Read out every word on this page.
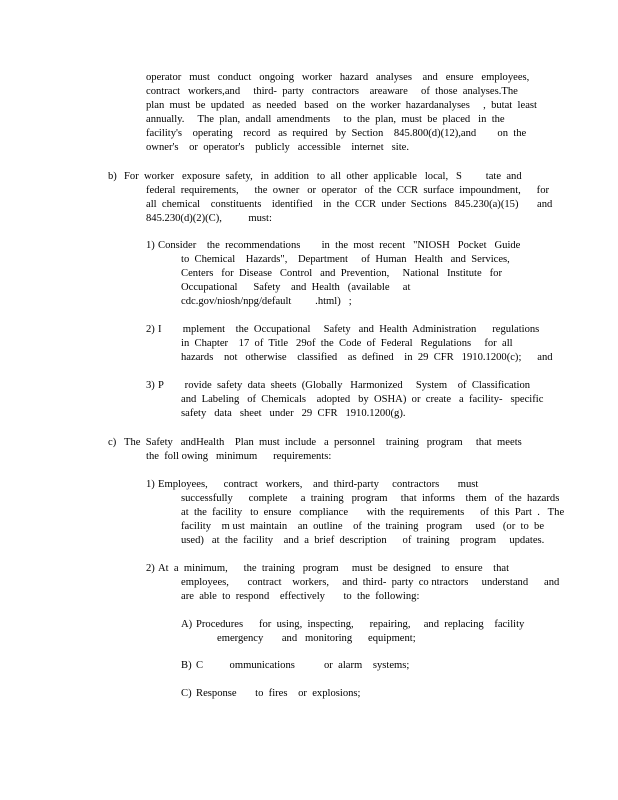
operator   must   conduct   ongoing   worker   hazard   analyses    and   ensure   employees,
contract   workers,and     third-  party   contractors    areaware     of  those  analyses.The
plan  must  be  updated   as  needed   based   on  the  worker  hazardanalyses     ,  butat  least
annually.     The  plan,  andall  amendments     to  the  plan,  must  be  placed   in  the
facility's    operating    record   as  required   by  Section    845.800(d)(12),and        on  the
owner's    or  operator's    publicly   accessible    internet   site.
b) For  worker   exposure  safety,   in  addition   to  all  other  applicable   local,   S         tate  and
federal  requirements,      the  owner   or  operator   of  the  CCR  surface  impoundment,      for
all  chemical    constituents    identified    in  the  CCR  under  Sections   845.230(a)(15)       and
845.230(d)(2)(C),          must:
1) Consider    the  recommendations        in  the  most  recent   "NIOSH   Pocket   Guide
to  Chemical    Hazards",    Department     of  Human   Health   and  Services,
Centers   for  Disease   Control   and  Prevention,     National   Institute   for
Occupational      Safety    and  Health   (available     at
cdc.gov/niosh/npg/default         .html)   ;
2) I        mplement    the  Occupational     Safety   and  Health  Administration      regulations
in  Chapter    17  of  Title   29of  the  Code  of  Federal   Regulations     for  all
hazards    not   otherwise    classified    as  defined    in  29  CFR   1910.1200(c);      and
3) P        rovide  safety  data  sheets  (Globally   Harmonized     System    of  Classification
and  Labeling   of  Chemicals    adopted   by  OSHA)  or  create   a  facility-   specific
safety   data   sheet   under   29  CFR   1910.1200(g).
c) The  Safety   andHealth    Plan  must  include   a  personnel    training   program     that  meets
the  foll owing   minimum      requirements:
1) Employees,      contract   workers,    and  third-party     contractors       must
successfully      complete     a  training   program     that  informs    them   of  the  hazards
at  the  facility   to  ensure   compliance       with  the  requirements      of  this  Part  .   The
facility    m ust  maintain    an  outline    of  the  training   program     used   (or  to  be
used)   at  the  facility    and  a  brief  description      of  training    program     updates.
2) At  a  minimum,      the  training   program     must  be  designed    to  ensure    that
employees,       contract    workers,     and  third-  party  co ntractors     understand      and
are  able  to  respond    effectively       to  the  following:
A) Procedures      for  using,  inspecting,      repairing,     and  replacing    facility
emergency       and   monitoring      equipment;
B) C          ommunications           or  alarm    systems;
C) Response       to  fires    or  explosions;
